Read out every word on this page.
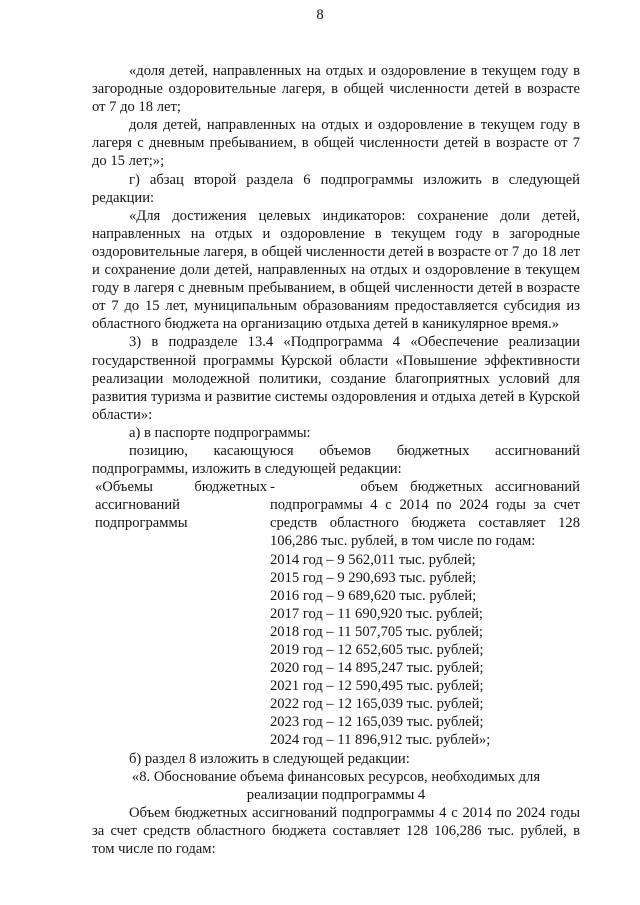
8

«доля детей, направленных на отдых и оздоровление в текущем году в загородные оздоровительные лагеря, в общей численности детей в возрасте от 7 до 18 лет;

доля детей, направленных на отдых и оздоровление в текущем году в лагеря с дневным пребыванием, в общей численности детей в возрасте от 7 до 15 лет;»;

г) абзац второй раздела 6 подпрограммы изложить в следующей редакции:

«Для достижения целевых индикаторов: сохранение доли детей, направленных на отдых и оздоровление в текущем году в загородные оздоровительные лагеря, в общей численности детей в возрасте от 7 до 18 лет и сохранение доли детей, направленных на отдых и оздоровление в текущем году в лагеря с дневным пребыванием, в общей численности детей в возрасте от 7 до 15 лет, муниципальным образованиям предоставляется субсидия из областного бюджета на организацию отдыха детей в каникулярное время.»

3) в подразделе 13.4 «Подпрограмма 4 «Обеспечение реализации государственной программы Курской области «Повышение эффективности реализации молодежной политики, создание благоприятных условий для развития туризма и развитие системы оздоровления и отдыха детей в Курской области»:

а) в паспорте подпрограммы:

позицию, касающуюся объемов бюджетных ассигнований подпрограммы, изложить в следующей редакции:

«Объемы	бюджетных
ассигнований
подпрограммы
-	объем бюджетных ассигнований подпрограммы 4 с 2014 по 2024 годы за счет средств областного бюджета составляет 128 106,286 тыс. рублей, в том числе по годам:
2014 год – 9 562,011 тыс. рублей;
2015 год – 9 290,693 тыс. рублей;
2016 год – 9 689,620 тыс. рублей;
2017 год – 11 690,920 тыс. рублей;
2018 год – 11 507,705 тыс. рублей;
2019 год – 12 652,605 тыс. рублей;
2020 год – 14 895,247 тыс. рублей;
2021 год – 12 590,495 тыс. рублей;
2022 год – 12 165,039 тыс. рублей;
2023 год – 12 165,039 тыс. рублей;
2024 год – 11 896,912 тыс. рублей»;

б) раздел 8 изложить в следующей редакции:

«8. Обоснование объема финансовых ресурсов, необходимых для

реализации подпрограммы 4

Объем бюджетных ассигнований подпрограммы 4 с 2014 по 2024 годы за счет средств областного бюджета составляет 128 106,286 тыс. рублей, в том числе по годам:
